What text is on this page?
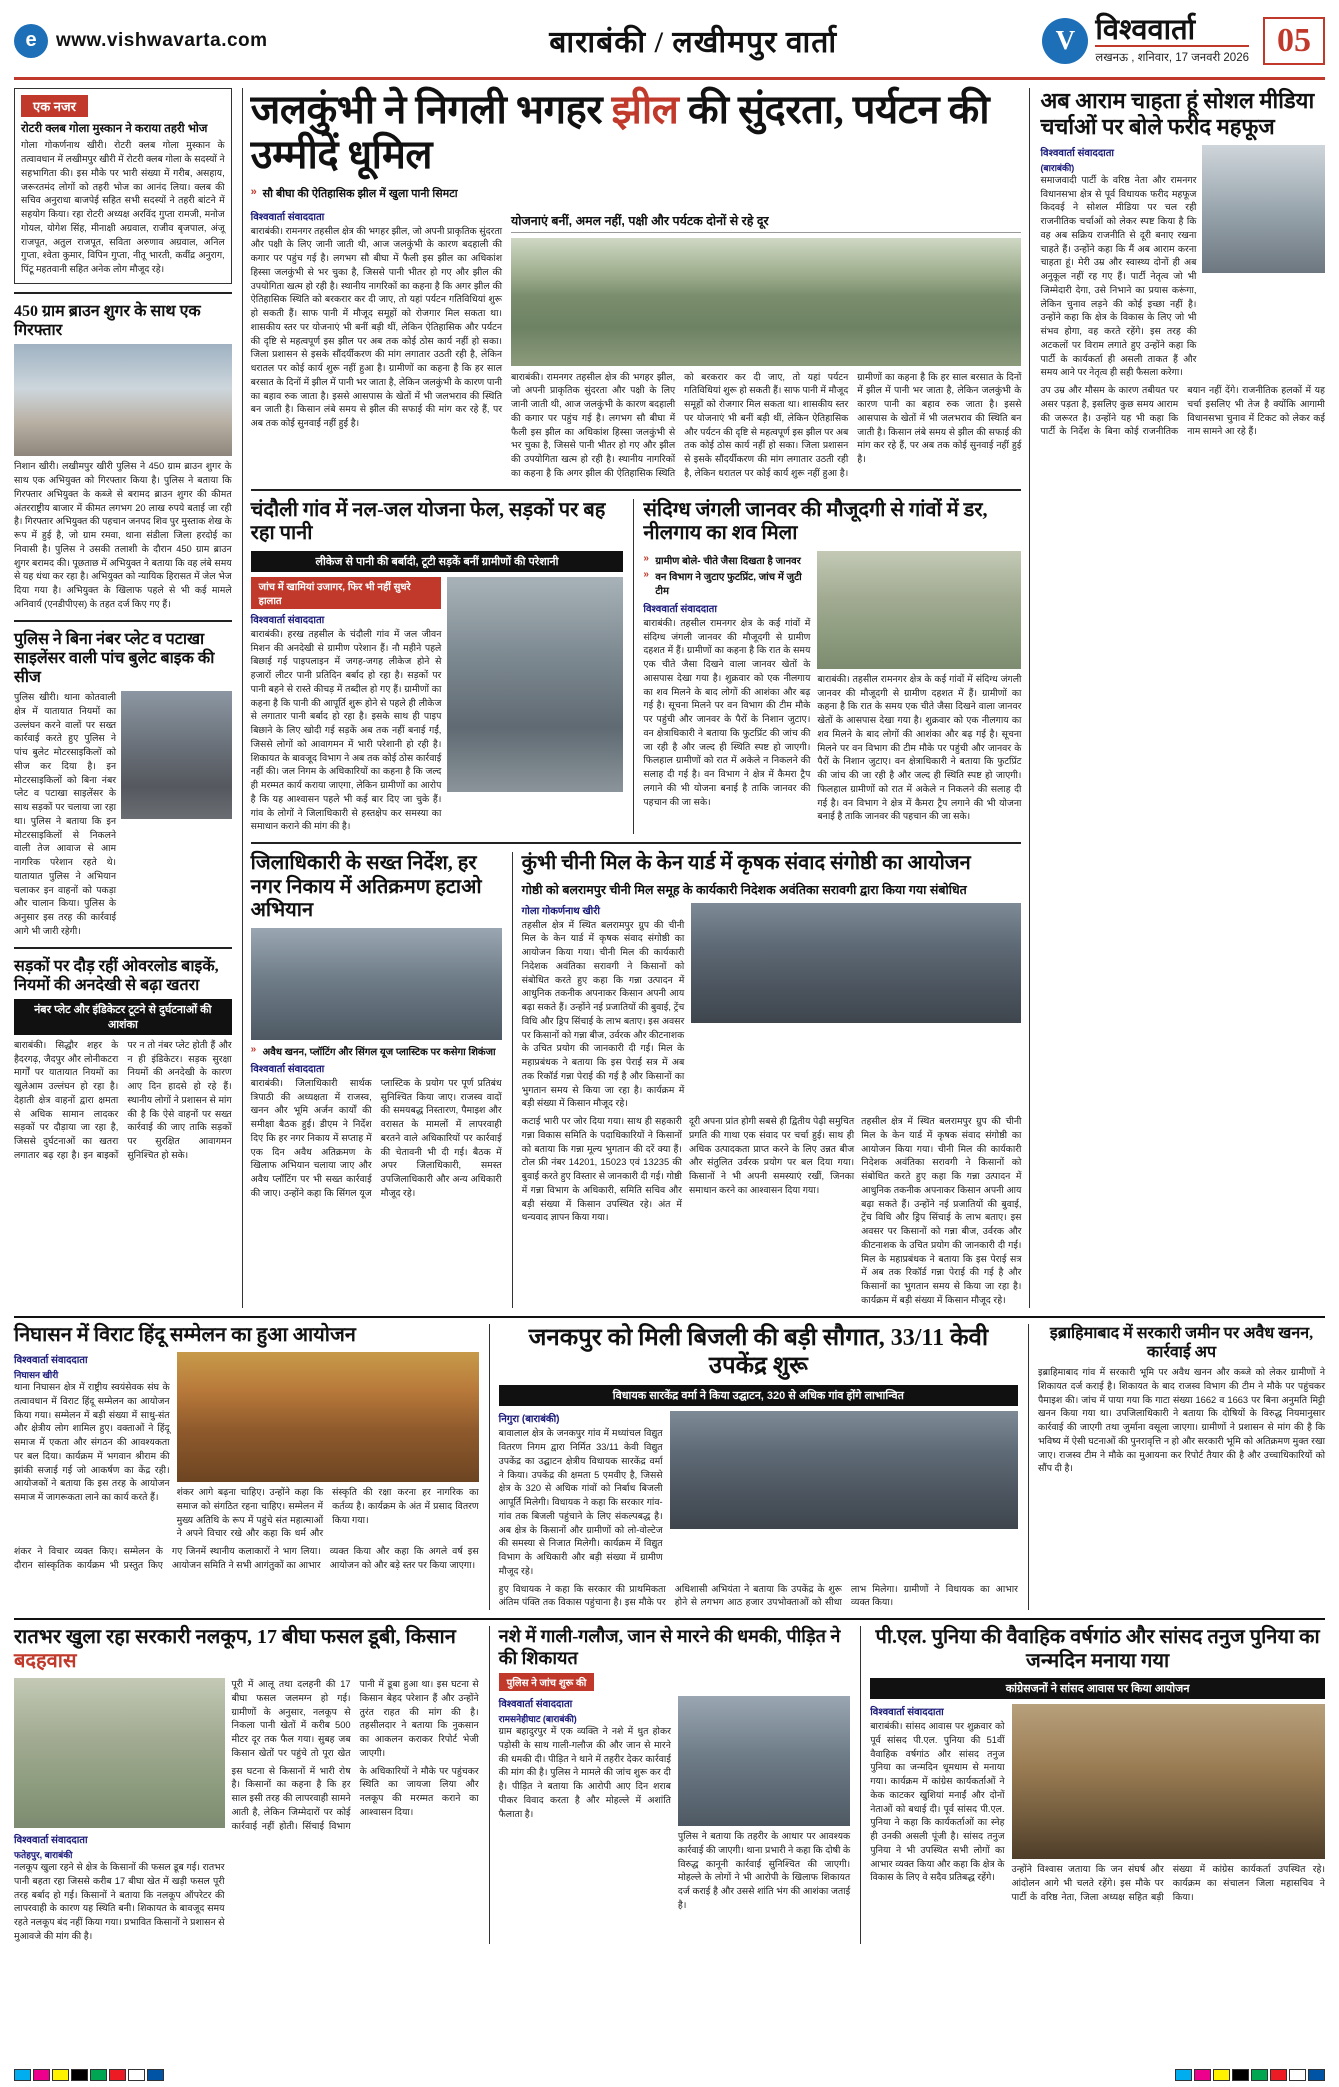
e	www.vishwavarta.com	बाराबंकी / लखीमपुर वार्ता	V विश्ववार्ता
लखनऊ , शनिवार, 17 जनवरी 2026 05
एक नजर
रोटरी क्लब गोला मुस्कान ने कराया तहरी भोज
गोला गोकर्णनाथ खीरी। रोटरी क्लब गोला मुस्कान के तत्वावधान में लखीमपुर खीरी में रोटरी क्लब गोला के सदस्यों ने सहभागिता की। इस मौके पर भारी संख्या में गरीब, असहाय, जरूरतमंद लोगों को तहरी भोज का आनंद लिया। क्लब की सचिव अनुराधा बाजपेई सहित सभी सदस्यों ने तहरी बांटने में सहयोग किया। रहा रोटरी अध्यक्ष अरविंद गुप्ता रामजी, मनोज गोयल, योगेश सिंह, मीनाक्षी अग्रवाल, राजीव बृजपाल, अंजू राजपूत, अतुल राजपूत, सविता अरुणाव अग्रवाल, अनिल गुप्ता, श्वेता कुमार, विपिन गुप्ता, नीतू भारती, कवींद्र अनुराग, पिंटू महतवानी सहित अनेक लोग मौजूद रहे।
450 ग्राम ब्राउन शुगर के साथ एक गिरफ्तार
निशान खीरी। लखीमपुर खीरी पुलिस ने 450 ग्राम ब्राउन शुगर के साथ एक अभियुक्त को गिरफ्तार किया है। पुलिस ने बताया कि गिरफ्तार अभियुक्त के कब्जे से बरामद ब्राउन शुगर की कीमत अंतरराष्ट्रीय बाजार में कीमत लगभग 20 लाख रुपये बताई जा रही है। गिरफ्तार अभियुक्त की पहचान जनपद शिव पुर मुस्ताक शेख के रूप में हुई है, जो ग्राम रमवा, थाना संडीला जिला हरदोई का निवासी है। पुलिस ने उसकी तलाशी के दौरान 450 ग्राम ब्राउन शुगर बरामद की। पूछताछ में अभियुक्त ने बताया कि वह लंबे समय से यह धंधा कर रहा है। अभियुक्त को न्यायिक हिरासत में जेल भेज दिया गया है। अभियुक्त के खिलाफ पहले से भी कई मामले अनिवार्य (एनडीपीएस) के तहत दर्ज किए गए हैं।
पुलिस ने बिना नंबर प्लेट व पटाखा साइलेंसर वाली पांच बुलेट बाइक की सीज
पुलिस खीरी। थाना कोतवाली क्षेत्र में यातायात नियमों का उल्लंघन करने वालों पर सख्त कार्रवाई करते हुए पुलिस ने पांच बुलेट मोटरसाइकिलों को सीज कर दिया है। इन मोटरसाइकिलों को बिना नंबर प्लेट व पटाखा साइलेंसर के साथ सड़कों पर चलाया जा रहा था। पुलिस ने बताया कि इन मोटरसाइकिलों से निकलने वाली तेज आवाज से आम नागरिक परेशान रहते थे। यातायात पुलिस ने अभियान चलाकर इन वाहनों को पकड़ा और चालान किया। पुलिस के अनुसार इस तरह की कार्रवाई आगे भी जारी रहेगी।
सड़कों पर दौड़ रहीं ओवरलोड बाइकें, नियमों की अनदेखी से बढ़ा खतरा
नंबर प्लेट और इंडिकेटर टूटने से दुर्घटनाओं की आशंका
बाराबंकी। सिद्धौर शहर के हैदरगढ़, जैदपुर और लोनीकटरा मार्गों पर यातायात नियमों का खुलेआम उल्लंघन हो रहा है। देहाती क्षेत्र वाहनों द्वारा क्षमता से अधिक सामान लादकर सड़कों पर दौड़ाया जा रहा है, जिससे दुर्घटनाओं का खतरा लगातार बढ़ रहा है। इन बाइकों पर न तो नंबर प्लेट होती हैं और न ही इंडिकेटर। सड़क सुरक्षा नियमों की अनदेखी के कारण आए दिन हादसे हो रहे हैं। स्थानीय लोगों ने प्रशासन से मांग की है कि ऐसे वाहनों पर सख्त कार्रवाई की जाए ताकि सड़कों पर सुरक्षित आवागमन सुनिश्चित हो सके।
जलकुंभी ने निगली भगहर झील की सुंदरता, पर्यटन की उम्मीदें धूमिल
» सौ बीघा की ऐतिहासिक झील में खुला पानी सिमटा
विश्ववार्ता संवाददाता
बाराबंकी। रामनगर तहसील क्षेत्र की भगहर झील, जो अपनी प्राकृतिक सुंदरता और पक्षी के लिए जानी जाती थी, आज जलकुंभी के कारण बदहाली की कगार पर पहुंच गई है। लगभग सौ बीघा में फैली इस झील का अधिकांश हिस्सा जलकुंभी से भर चुका है, जिससे पानी भीतर हो गए और झील की उपयोगिता खत्म हो रही है। स्थानीय नागरिकों का कहना है कि अगर झील की ऐतिहासिक स्थिति को बरकरार कर दी जाए, तो यहां पर्यटन गतिविधियां शुरू हो सकती हैं। साफ पानी में मौजूद समूहों को रोजगार मिल सकता था। शासकीय स्तर पर योजनाएं भी बनीं बड़ी थीं, लेकिन ऐतिहासिक और पर्यटन की दृष्टि से महत्वपूर्ण इस झील पर अब तक कोई ठोस कार्य नहीं हो सका। जिला प्रशासन से इसके सौंदर्यीकरण की मांग लगातार उठती रही है, लेकिन धरातल पर कोई कार्य शुरू नहीं हुआ है। ग्रामीणों का कहना है कि हर साल बरसात के दिनों में झील में पानी भर जाता है, लेकिन जलकुंभी के कारण पानी का बहाव रुक जाता है। इससे आसपास के खेतों में भी जलभराव की स्थिति बन जाती है। किसान लंबे समय से झील की सफाई की मांग कर रहे हैं, पर अब तक कोई सुनवाई नहीं हुई है।
योजनाएं बनीं, अमल नहीं, पक्षी और पर्यटक दोनों से रहे दूर
बाराबंकी। रामनगर तहसील क्षेत्र की भगहर झील, जो अपनी प्राकृतिक सुंदरता और पक्षी के लिए जानी जाती थी, आज जलकुंभी के कारण बदहाली की कगार पर पहुंच गई है। लगभग सौ बीघा में फैली इस झील का अधिकांश हिस्सा जलकुंभी से भर चुका है, जिससे पानी भीतर हो गए और झील की उपयोगिता खत्म हो रही है। स्थानीय नागरिकों का कहना है कि अगर झील की ऐतिहासिक स्थिति को बरकरार कर दी जाए, तो यहां पर्यटन गतिविधियां शुरू हो सकती हैं। साफ पानी में मौजूद समूहों को रोजगार मिल सकता था। शासकीय स्तर पर योजनाएं भी बनीं बड़ी थीं, लेकिन ऐतिहासिक और पर्यटन की दृष्टि से महत्वपूर्ण इस झील पर अब तक कोई ठोस कार्य नहीं हो सका। जिला प्रशासन से इसके सौंदर्यीकरण की मांग लगातार उठती रही है, लेकिन धरातल पर कोई कार्य शुरू नहीं हुआ है। ग्रामीणों का कहना है कि हर साल बरसात के दिनों में झील में पानी भर जाता है, लेकिन जलकुंभी के कारण पानी का बहाव रुक जाता है। इससे आसपास के खेतों में भी जलभराव की स्थिति बन जाती है। किसान लंबे समय से झील की सफाई की मांग कर रहे हैं, पर अब तक कोई सुनवाई नहीं हुई है।
चंदौली गांव में नल-जल योजना फेल, सड़कों पर बह रहा पानी
लीकेज से पानी की बर्बादी, टूटी सड़कें बनीं ग्रामीणों की परेशानी
जांच में खामियां उजागर, फिर भी नहीं सुधरे हालात
विश्ववार्ता संवाददाता
बाराबंकी। हरख तहसील के चंदौली गांव में जल जीवन मिशन की अनदेखी से ग्रामीण परेशान हैं। नौ महीने पहले बिछाई गई पाइपलाइन में जगह-जगह लीकेज होने से हजारों लीटर पानी प्रतिदिन बर्बाद हो रहा है। सड़कों पर पानी बहने से रास्ते कीचड़ में तब्दील हो गए हैं। ग्रामीणों का कहना है कि पानी की आपूर्ति शुरू होने से पहले ही लीकेज से लगातार पानी बर्बाद हो रहा है। इसके साथ ही पाइप बिछाने के लिए खोदी गई सड़कें अब तक नहीं बनाई गईं, जिससे लोगों को आवागमन में भारी परेशानी हो रही है। शिकायत के बावजूद विभाग ने अब तक कोई ठोस कार्रवाई नहीं की। जल निगम के अधिकारियों का कहना है कि जल्द ही मरम्मत कार्य कराया जाएगा, लेकिन ग्रामीणों का आरोप है कि यह आश्वासन पहले भी कई बार दिए जा चुके हैं। गांव के लोगों ने जिलाधिकारी से हस्तक्षेप कर समस्या का समाधान कराने की मांग की है।
संदिग्ध जंगली जानवर की मौजूदगी से गांवों में डर, नीलगाय का शव मिला
» ग्रामीण बोले- चीते जैसा दिखता है जानवर
» वन विभाग ने जुटाए फुटप्रिंट, जांच में जुटी टीम
विश्ववार्ता संवाददाता
बाराबंकी। तहसील रामनगर क्षेत्र के कई गांवों में संदिग्ध जंगली जानवर की मौजूदगी से ग्रामीण दहशत में हैं। ग्रामीणों का कहना है कि रात के समय एक चीते जैसा दिखने वाला जानवर खेतों के आसपास देखा गया है। शुक्रवार को एक नीलगाय का शव मिलने के बाद लोगों की आशंका और बढ़ गई है। सूचना मिलने पर वन विभाग की टीम मौके पर पहुंची और जानवर के पैरों के निशान जुटाए। वन क्षेत्राधिकारी ने बताया कि फुटप्रिंट की जांच की जा रही है और जल्द ही स्थिति स्पष्ट हो जाएगी। फिलहाल ग्रामीणों को रात में अकेले न निकलने की सलाह दी गई है। वन विभाग ने क्षेत्र में कैमरा ट्रैप लगाने की भी योजना बनाई है ताकि जानवर की पहचान की जा सके।
बाराबंकी। तहसील रामनगर क्षेत्र के कई गांवों में संदिग्ध जंगली जानवर की मौजूदगी से ग्रामीण दहशत में हैं। ग्रामीणों का कहना है कि रात के समय एक चीते जैसा दिखने वाला जानवर खेतों के आसपास देखा गया है। शुक्रवार को एक नीलगाय का शव मिलने के बाद लोगों की आशंका और बढ़ गई है। सूचना मिलने पर वन विभाग की टीम मौके पर पहुंची और जानवर के पैरों के निशान जुटाए। वन क्षेत्राधिकारी ने बताया कि फुटप्रिंट की जांच की जा रही है और जल्द ही स्थिति स्पष्ट हो जाएगी। फिलहाल ग्रामीणों को रात में अकेले न निकलने की सलाह दी गई है। वन विभाग ने क्षेत्र में कैमरा ट्रैप लगाने की भी योजना बनाई है ताकि जानवर की पहचान की जा सके।
जिलाधिकारी के सख्त निर्देश, हर नगर निकाय में अतिक्रमण हटाओ अभियान
» अवैध खनन, प्लॉटिंग और सिंगल यूज प्लास्टिक पर कसेगा शिकंजा
विश्ववार्ता संवाददाता
बाराबंकी। जिलाधिकारी सार्थक त्रिपाठी की अध्यक्षता में राजस्व, खनन और भूमि अर्जन कार्यों की समीक्षा बैठक हुई। डीएम ने निर्देश दिए कि हर नगर निकाय में सप्ताह में एक दिन अवैध अतिक्रमण के खिलाफ अभियान चलाया जाए और अवैध प्लॉटिंग पर भी सख्त कार्रवाई की जाए। उन्होंने कहा कि सिंगल यूज प्लास्टिक के प्रयोग पर पूर्ण प्रतिबंध सुनिश्चित किया जाए। राजस्व वादों की समयबद्ध निस्तारण, पैमाइश और वरासत के मामलों में लापरवाही बरतने वाले अधिकारियों पर कार्रवाई की चेतावनी भी दी गई। बैठक में अपर जिलाधिकारी, समस्त उपजिलाधिकारी और अन्य अधिकारी मौजूद रहे।
कुंभी चीनी मिल के केन यार्ड में कृषक संवाद संगोष्ठी का आयोजन
गोष्ठी को बलरामपुर चीनी मिल समूह के कार्यकारी निदेशक अवंतिका सरावगी द्वारा किया गया संबोधित
गोला गोकर्णनाथ खीरी
तहसील क्षेत्र में स्थित बलरामपुर ग्रुप की चीनी मिल के केन यार्ड में कृषक संवाद संगोष्ठी का आयोजन किया गया। चीनी मिल की कार्यकारी निदेशक अवंतिका सरावगी ने किसानों को संबोधित करते हुए कहा कि गन्ना उत्पादन में आधुनिक तकनीक अपनाकर किसान अपनी आय बढ़ा सकते हैं। उन्होंने नई प्रजातियों की बुवाई, ट्रेंच विधि और ड्रिप सिंचाई के लाभ बताए। इस अवसर पर किसानों को गन्ना बीज, उर्वरक और कीटनाशक के उचित प्रयोग की जानकारी दी गई। मिल के महाप्रबंधक ने बताया कि इस पेराई सत्र में अब तक रिकॉर्ड गन्ना पेराई की गई है और किसानों का भुगतान समय से किया जा रहा है। कार्यक्रम में बड़ी संख्या में किसान मौजूद रहे।
कटाई भारी पर जोर दिया गया। साथ ही सहकारी गन्ना विकास समिति के पदाधिकारियों ने किसानों को बताया कि गन्ना मूल्य भुगतान की दरें क्या हैं। टोल फ्री नंबर 14201, 15023 एवं 13235 की बुवाई करते हुए विस्तार से जानकारी दी गई। गोष्ठी में गन्ना विभाग के अधिकारी, समिति सचिव और बड़ी संख्या में किसान उपस्थित रहे। अंत में धन्यवाद ज्ञापन किया गया।
दूरी अपना प्रांत होगी सबसे ही द्वितीय पेढ़ी समुचित प्रगति की गाथा एक संवाद पर चर्चा हुई। साथ ही अधिक उत्पादकता प्राप्त करने के लिए उन्नत बीज और संतुलित उर्वरक प्रयोग पर बल दिया गया। किसानों ने भी अपनी समस्याएं रखीं, जिनका समाधान करने का आश्वासन दिया गया।
तहसील क्षेत्र में स्थित बलरामपुर ग्रुप की चीनी मिल के केन यार्ड में कृषक संवाद संगोष्ठी का आयोजन किया गया। चीनी मिल की कार्यकारी निदेशक अवंतिका सरावगी ने किसानों को संबोधित करते हुए कहा कि गन्ना उत्पादन में आधुनिक तकनीक अपनाकर किसान अपनी आय बढ़ा सकते हैं। उन्होंने नई प्रजातियों की बुवाई, ट्रेंच विधि और ड्रिप सिंचाई के लाभ बताए। इस अवसर पर किसानों को गन्ना बीज, उर्वरक और कीटनाशक के उचित प्रयोग की जानकारी दी गई। मिल के महाप्रबंधक ने बताया कि इस पेराई सत्र में अब तक रिकॉर्ड गन्ना पेराई की गई है और किसानों का भुगतान समय से किया जा रहा है। कार्यक्रम में बड़ी संख्या में किसान मौजूद रहे।
अब आराम चाहता हूं सोशल मीडिया चर्चाओं पर बोले फरीद महफूज
विश्ववार्ता संवाददाता
(बाराबंकी)
समाजवादी पार्टी के वरिष्ठ नेता और रामनगर विधानसभा क्षेत्र से पूर्व विधायक फरीद महफूज किदवई ने सोशल मीडिया पर चल रही राजनीतिक चर्चाओं को लेकर स्पष्ट किया है कि वह अब सक्रिय राजनीति से दूरी बनाए रखना चाहते हैं। उन्होंने कहा कि मैं अब आराम करना चाहता हूं। मेरी उम्र और स्वास्थ्य दोनों ही अब अनुकूल नहीं रह गए हैं। पार्टी नेतृत्व जो भी जिम्मेदारी देगा, उसे निभाने का प्रयास करूंगा, लेकिन चुनाव लड़ने की कोई इच्छा नहीं है। उन्होंने कहा कि क्षेत्र के विकास के लिए जो भी संभव होगा, वह करते रहेंगे। इस तरह की अटकलों पर विराम लगाते हुए उन्होंने कहा कि पार्टी के कार्यकर्ता ही असली ताकत हैं और समय आने पर नेतृत्व ही सही फैसला करेगा।
उप उम्र और मौसम के कारण तबीयत पर असर पड़ता है, इसलिए कुछ समय आराम की जरूरत है। उन्होंने यह भी कहा कि पार्टी के निर्देश के बिना कोई राजनीतिक बयान नहीं देंगे। राजनीतिक हलकों में यह चर्चा इसलिए भी तेज है क्योंकि आगामी विधानसभा चुनाव में टिकट को लेकर कई नाम सामने आ रहे हैं।
निघासन में विराट हिंदू सम्मेलन का हुआ आयोजन
विश्ववार्ता संवाददाता
निघासन खीरी
थाना निघासन क्षेत्र में राष्ट्रीय स्वयंसेवक संघ के तत्वावधान में विराट हिंदू सम्मेलन का आयोजन किया गया। सम्मेलन में बड़ी संख्या में साधु-संत और क्षेत्रीय लोग शामिल हुए। वक्ताओं ने हिंदू समाज में एकता और संगठन की आवश्यकता पर बल दिया। कार्यक्रम में भगवान श्रीराम की झांकी सजाई गई जो आकर्षण का केंद्र रही। आयोजकों ने बताया कि इस तरह के आयोजन समाज में जागरूकता लाने का कार्य करते हैं।	शंकर आगे बढ़ना चाहिए। उन्होंने कहा कि समाज को संगठित रहना चाहिए। सम्मेलन में मुख्य अतिथि के रूप में पहुंचे संत महात्माओं ने अपने विचार रखे और कहा कि धर्म और संस्कृति की रक्षा करना हर नागरिक का कर्तव्य है। कार्यक्रम के अंत में प्रसाद वितरण किया गया।
शंकर ने विचार व्यक्त किए। सम्मेलन के दौरान सांस्कृतिक कार्यक्रम भी प्रस्तुत किए गए जिनमें स्थानीय कलाकारों ने भाग लिया। आयोजन समिति ने सभी आगंतुकों का आभार व्यक्त किया और कहा कि अगले वर्ष इस आयोजन को और बड़े स्तर पर किया जाएगा।
जनकपुर को मिली बिजली की बड़ी सौगात, 33/11 केवी उपकेंद्र शुरू
विधायक सारकेंद्र वर्मा ने किया उद्घाटन, 320 से अधिक गांव होंगे लाभान्वित
निगुरा (बाराबंकी)
बावालाल क्षेत्र के जनकपुर गांव में मध्यांचल विद्युत वितरण निगम द्वारा निर्मित 33/11 केवी विद्युत उपकेंद्र का उद्घाटन क्षेत्रीय विधायक सारकेंद्र वर्मा ने किया। उपकेंद्र की क्षमता 5 एमवीए है, जिससे क्षेत्र के 320 से अधिक गांवों को निर्बाध बिजली आपूर्ति मिलेगी। विधायक ने कहा कि सरकार गांव-गांव तक बिजली पहुंचाने के लिए संकल्पबद्ध है। अब क्षेत्र के किसानों और ग्रामीणों को लो-वोल्टेज की समस्या से निजात मिलेगी। कार्यक्रम में विद्युत विभाग के अधिकारी और बड़ी संख्या में ग्रामीण मौजूद रहे।
हुए विधायक ने कहा कि सरकार की प्राथमिकता अंतिम पंक्ति तक विकास पहुंचाना है। इस मौके पर अधिशासी अभियंता ने बताया कि उपकेंद्र के शुरू होने से लगभग आठ हजार उपभोक्ताओं को सीधा लाभ मिलेगा। ग्रामीणों ने विधायक का आभार व्यक्त किया।
इब्राहिमाबाद में सरकारी जमीन पर अवैध खनन, कार्रवाई अप
इब्राहिमाबाद गांव में सरकारी भूमि पर अवैध खनन और कब्जे को लेकर ग्रामीणों ने शिकायत दर्ज कराई है। शिकायत के बाद राजस्व विभाग की टीम ने मौके पर पहुंचकर पैमाइश की। जांच में पाया गया कि गाटा संख्या 1662 व 1663 पर बिना अनुमति मिट्टी खनन किया गया था। उपजिलाधिकारी ने बताया कि दोषियों के विरुद्ध नियमानुसार कार्रवाई की जाएगी तथा जुर्माना वसूला जाएगा। ग्रामीणों ने प्रशासन से मांग की है कि भविष्य में ऐसी घटनाओं की पुनरावृत्ति न हो और सरकारी भूमि को अतिक्रमण मुक्त रखा जाए। राजस्व टीम ने मौके का मुआयना कर रिपोर्ट तैयार की है और उच्चाधिकारियों को सौंप दी है।
रातभर खुला रहा सरकारी नलकूप, 17 बीघा फसल डूबी, किसान बदहवास
विश्ववार्ता संवाददाता
फतेहपुर, बाराबंकी
नलकूप खुला रहने से क्षेत्र के किसानों की फसल डूब गई। रातभर पानी बहता रहा जिससे करीब 17 बीघा खेत में खड़ी फसल पूरी तरह बर्बाद हो गई। किसानों ने बताया कि नलकूप ऑपरेटर की लापरवाही के कारण यह स्थिति बनी। शिकायत के बावजूद समय रहते नलकूप बंद नहीं किया गया। प्रभावित किसानों ने प्रशासन से मुआवजे की मांग की है।
पूरी में आलू तथा दलहनी की 17 बीघा फसल जलमग्न हो गई। ग्रामीणों के अनुसार, नलकूप से निकला पानी खेतों में करीब 500 मीटर दूर तक फैल गया। सुबह जब किसान खेतों पर पहुंचे तो पूरा खेत पानी में डूबा हुआ था। इस घटना से किसान बेहद परेशान हैं और उन्होंने तुरंत राहत की मांग की है। तहसीलदार ने बताया कि नुकसान का आकलन कराकर रिपोर्ट भेजी जाएगी।
इस घटना से किसानों में भारी रोष है। किसानों का कहना है कि हर साल इसी तरह की लापरवाही सामने आती है, लेकिन जिम्मेदारों पर कोई कार्रवाई नहीं होती। सिंचाई विभाग के अधिकारियों ने मौके पर पहुंचकर स्थिति का जायजा लिया और नलकूप की मरम्मत कराने का आश्वासन दिया।
नशे में गाली-गलौज, जान से मारने की धमकी, पीड़ित ने की शिकायत
पुलिस ने जांच शुरू की
विश्ववार्ता संवाददाता
रामसनेहीघाट (बाराबंकी)
ग्राम बहादुरपुर में एक व्यक्ति ने नशे में धुत होकर पड़ोसी के साथ गाली-गलौज की और जान से मारने की धमकी दी। पीड़ित ने थाने में तहरीर देकर कार्रवाई की मांग की है। पुलिस ने मामले की जांच शुरू कर दी है। पीड़ित ने बताया कि आरोपी आए दिन शराब पीकर विवाद करता है और मोहल्ले में अशांति फैलाता है।
पुलिस ने बताया कि तहरीर के आधार पर आवश्यक कार्रवाई की जाएगी। थाना प्रभारी ने कहा कि दोषी के विरुद्ध कानूनी कार्रवाई सुनिश्चित की जाएगी। मोहल्ले के लोगों ने भी आरोपी के खिलाफ शिकायत दर्ज कराई है और उससे शांति भंग की आशंका जताई है।
पी.एल. पुनिया की वैवाहिक वर्षगांठ और सांसद तनुज पुनिया का जन्मदिन मनाया गया
कांग्रेसजनों ने सांसद आवास पर किया आयोजन
विश्ववार्ता संवाददाता
बाराबंकी। सांसद आवास पर शुक्रवार को पूर्व सांसद पी.एल. पुनिया की 51वीं वैवाहिक वर्षगांठ और सांसद तनुज पुनिया का जन्मदिन धूमधाम से मनाया गया। कार्यक्रम में कांग्रेस कार्यकर्ताओं ने केक काटकर खुशियां मनाईं और दोनों नेताओं को बधाई दी। पूर्व सांसद पी.एल. पुनिया ने कहा कि कार्यकर्ताओं का स्नेह ही उनकी असली पूंजी है। सांसद तनुज पुनिया ने भी उपस्थित सभी लोगों का आभार व्यक्त किया और कहा कि क्षेत्र के विकास के लिए वे सदैव प्रतिबद्ध रहेंगे।
उन्होंने विश्वास जताया कि जन संघर्ष और आंदोलन आगे भी चलते रहेंगे। इस मौके पर पार्टी के वरिष्ठ नेता, जिला अध्यक्ष सहित बड़ी संख्या में कांग्रेस कार्यकर्ता उपस्थित रहे। कार्यक्रम का संचालन जिला महासचिव ने किया।
